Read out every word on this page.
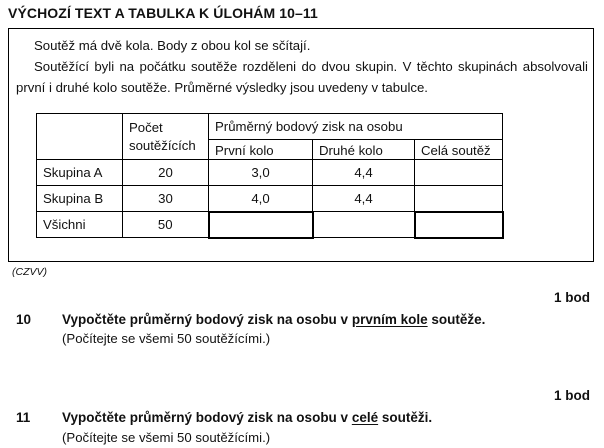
VÝCHOZÍ TEXT A TABULKA K ÚLOHÁM 10–11
Soutěž má dvě kola. Body z obou kol se sčítají.
Soutěžící byli na počátku soutěže rozděleni do dvou skupin. V těchto skupinách absolvovali první i druhé kolo soutěže. Průměrné výsledky jsou uvedeny v tabulce.
	Počet soutěžících	Průměrný bodový zisk na osobu		
		První kolo	Druhé kolo	Celá soutěž
Skupina A	20	3,0	4,4	
Skupina B	30	4,0	4,4	
Všichni	50			
(CZVV)
1 bod
10 Vypočtěte průměrný bodový zisk na osobu v prvním kole soutěže.
(Počítejte se všemi 50 soutěžícími.)
1 bod
11 Vypočtěte průměrný bodový zisk na osobu v celé soutěži.
(Počítejte se všemi 50 soutěžícími.)
